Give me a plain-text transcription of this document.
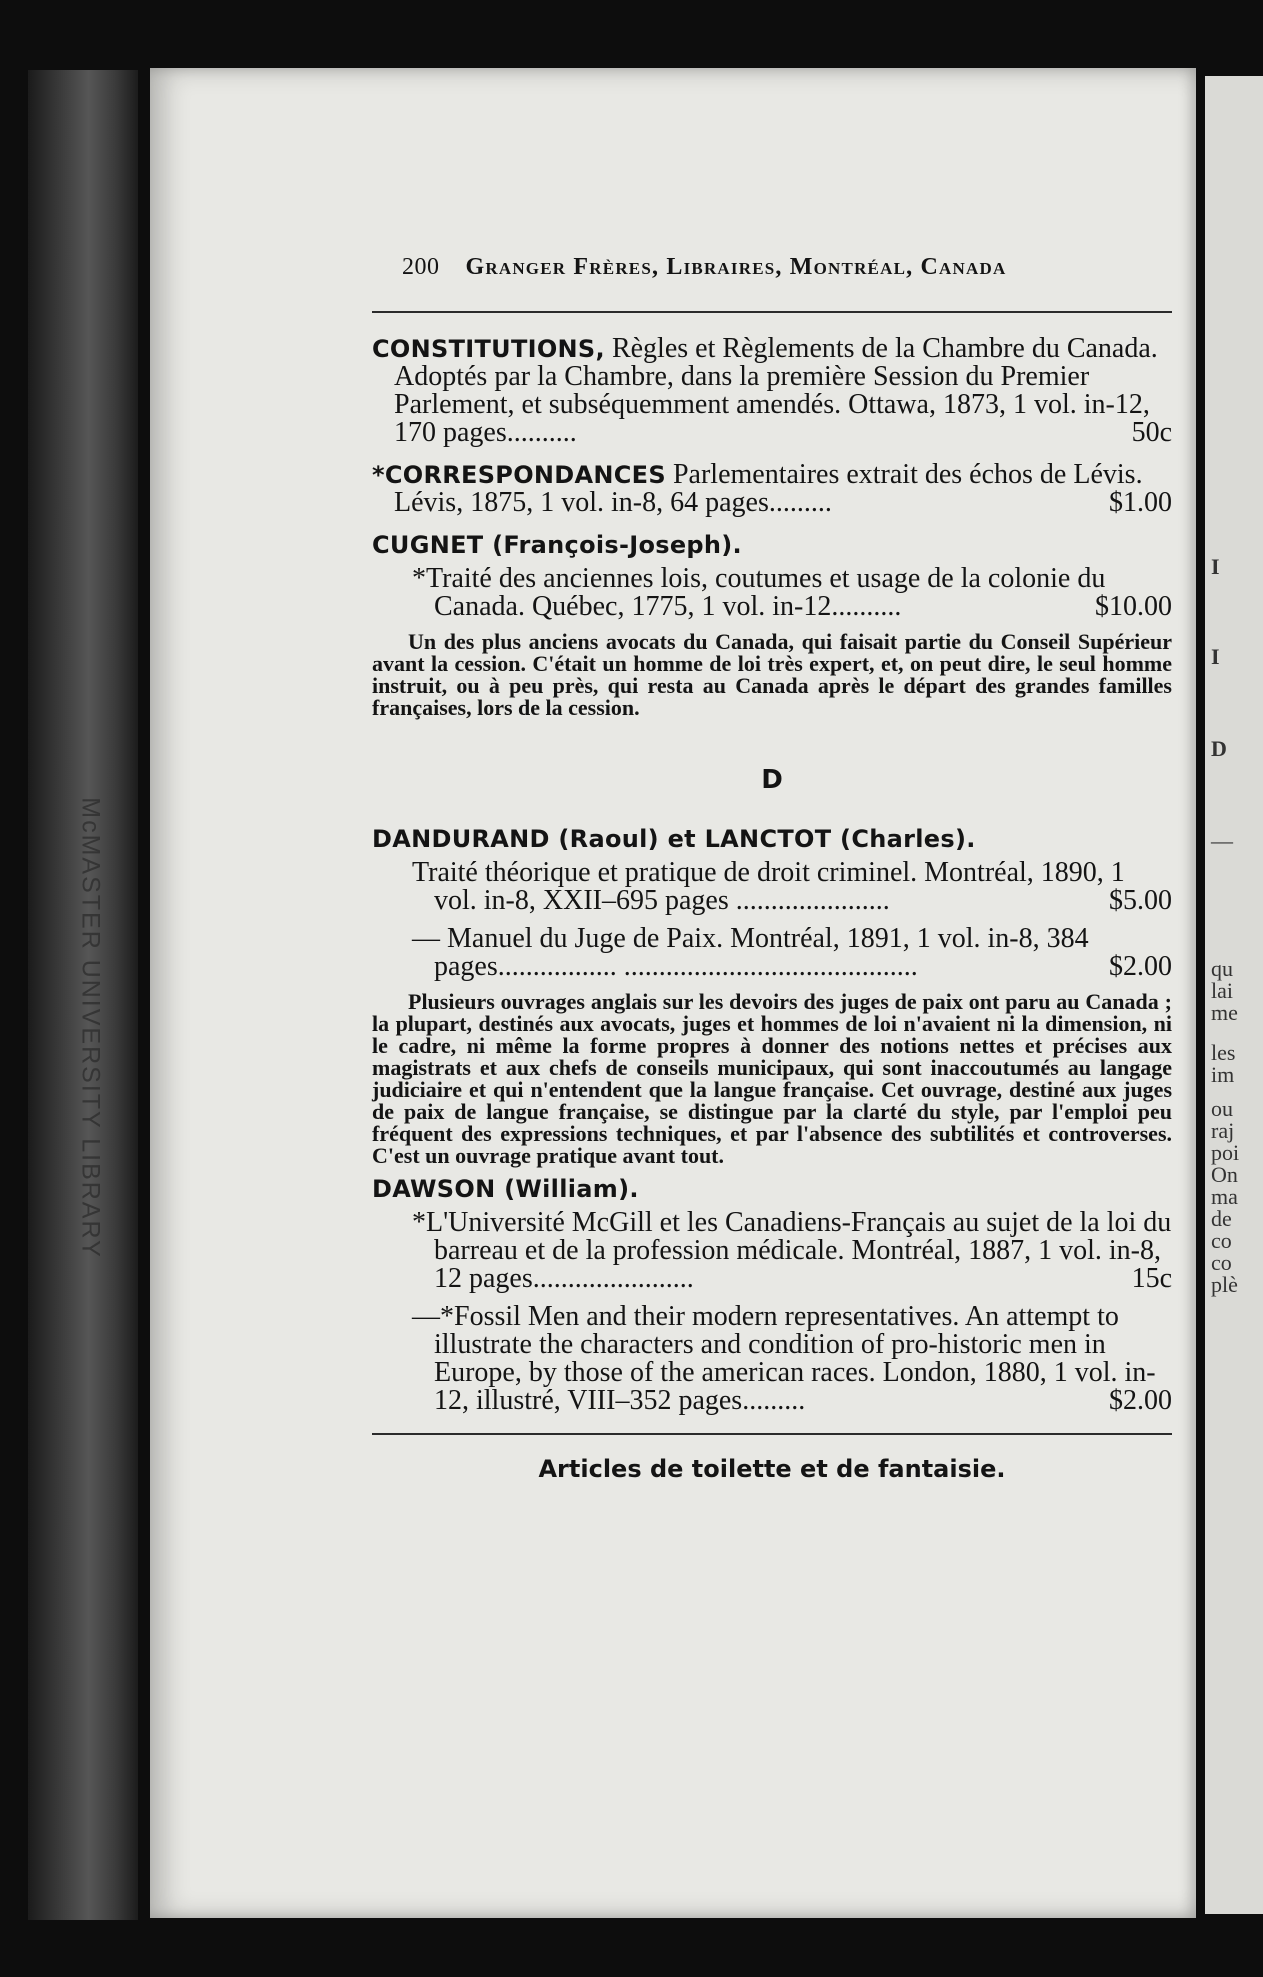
McMASTER UNIVERSITY LIBRARY
I
I
D
—
qu
lai
me
les
im
ou
raj
poi
On
ma
de
co
co
plè
200 Granger Frères, Libraires, Montréal, Canada

CONSTITUTIONS, Règles et Règlements de la Chambre du Canada. Adoptés par la Chambre, dans la première Session du Premier Parlement, et subséquemment amendés. Ottawa, 1873, 1 vol. in-12, 170 pages..........	50c

*CORRESPONDANCES Parlementaires extrait des échos de Lévis. Lévis, 1875, 1 vol. in-8, 64 pages.........	$1.00

CUGNET (François-Joseph).

*Traité des anciennes lois, coutumes et usage de la colonie du Canada. Québec, 1775, 1 vol. in-12..........	$10.00

Un des plus anciens avocats du Canada, qui faisait partie du Conseil Supérieur avant la cession. C'était un homme de loi très expert, et, on peut dire, le seul homme instruit, ou à peu près, qui resta au Canada après le départ des grandes familles françaises, lors de la cession.

D

DANDURAND (Raoul) et LANCTOT (Charles).

Traité théorique et pratique de droit criminel. Montréal, 1890, 1 vol. in-8, XXII–695 pages ......................	$5.00

— Manuel du Juge de Paix. Montréal, 1891, 1 vol. in-8, 384 pages................. ..........................................	$2.00

Plusieurs ouvrages anglais sur les devoirs des juges de paix ont paru au Canada ; la plupart, destinés aux avocats, juges et hommes de loi n'avaient ni la dimension, ni le cadre, ni même la forme propres à donner des notions nettes et précises aux magistrats et aux chefs de conseils municipaux, qui sont inaccoutumés au langage judiciaire et qui n'entendent que la langue française. Cet ouvrage, destiné aux juges de paix de langue française, se distingue par la clarté du style, par l'emploi peu fréquent des expressions techniques, et par l'absence des subtilités et controverses. C'est un ouvrage pratique avant tout.

DAWSON (William).

*L'Université McGill et les Canadiens-Français au sujet de la loi du barreau et de la profession médicale. Montréal, 1887, 1 vol. in-8, 12 pages.......................	15c

—*Fossil Men and their modern representatives. An attempt to illustrate the characters and condition of pro-historic men in Europe, by those of the american races. London, 1880, 1 vol. in-12, illustré, VIII–352 pages.........	$2.00

Articles de toilette et de fantaisie.
